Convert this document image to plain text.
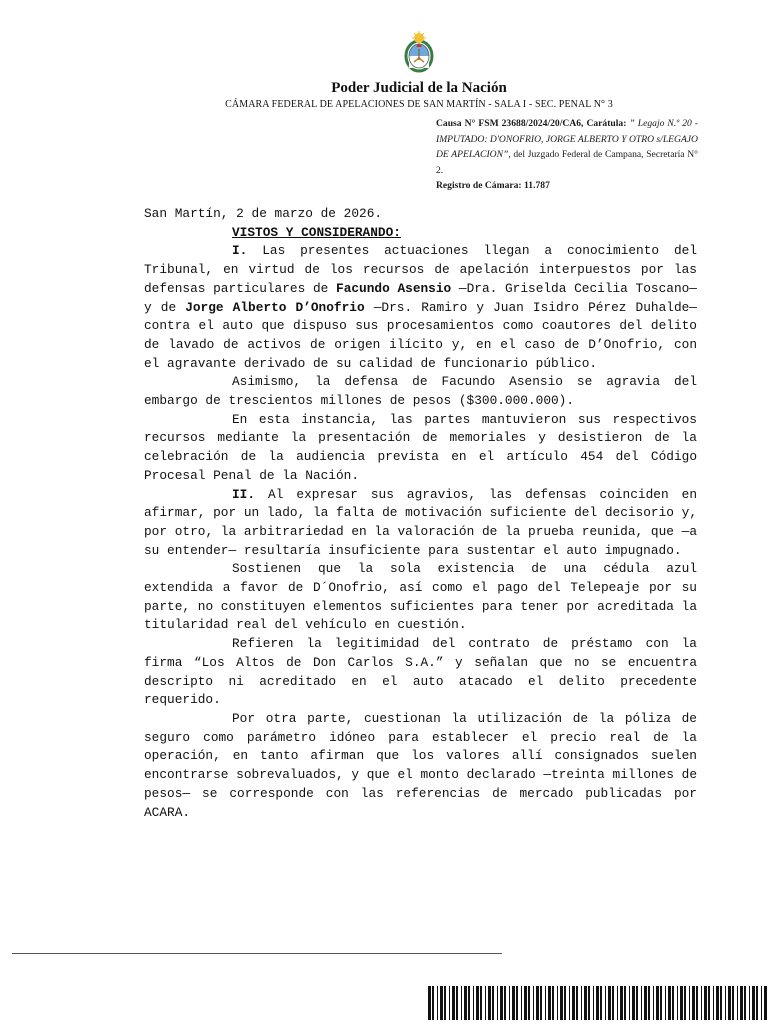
Poder Judicial de la Nación
CÁMARA FEDERAL DE APELACIONES DE SAN MARTÍN - SALA I - SEC. PENAL N° 3
Causa N° FSM 23688/2024/20/CA6, Carátula: ” Legajo N.º 20 - IMPUTADO: D'ONOFRIO, JORGE ALBERTO Y OTRO s/LEGAJO DE APELACION”, del Juzgado Federal de Campana, Secretaría N° 2.
Registro de Cámara: 11.787

San Martín, 2 de marzo de 2026.

VISTOS Y CONSIDERANDO:

I. Las presentes actuaciones llegan a conocimiento del Tribunal, en virtud de los recursos de apelación interpuestos por las defensas particulares de Facundo Asensio —Dra. Griselda Cecilia Toscano— y de Jorge Alberto D’Onofrio —Drs. Ramiro y Juan Isidro Pérez Duhalde— contra el auto que dispuso sus procesamientos como coautores del delito de lavado de activos de origen ilícito y, en el caso de D’Onofrio, con el agravante derivado de su calidad de funcionario público.

Asimismo, la defensa de Facundo Asensio se agravia del embargo de trescientos millones de pesos ($300.000.000).

En esta instancia, las partes mantuvieron sus respectivos recursos mediante la presentación de memoriales y desistieron de la celebración de la audiencia prevista en el artículo 454 del Código Procesal Penal de la Nación.

II. Al expresar sus agravios, las defensas coinciden en afirmar, por un lado, la falta de motivación suficiente del decisorio y, por otro, la arbitrariedad en la valoración de la prueba reunida, que —a su entender— resultaría insuficiente para sustentar el auto impugnado.

Sostienen que la sola existencia de una cédula azul extendida a favor de D´Onofrio, así como el pago del Telepeaje por su parte, no constituyen elementos suficientes para tener por acreditada la titularidad real del vehículo en cuestión.

Refieren la legitimidad del contrato de préstamo con la firma “Los Altos de Don Carlos S.A.” y señalan que no se encuentra descripto ni acreditado en el auto atacado el delito precedente requerido.

Por otra parte, cuestionan la utilización de la póliza de seguro como parámetro idóneo para establecer el precio real de la operación, en tanto afirman que los valores allí consignados suelen encontrarse sobrevaluados, y que el monto declarado —treinta millones de pesos— se corresponde con las referencias de mercado publicadas por ACARA.
